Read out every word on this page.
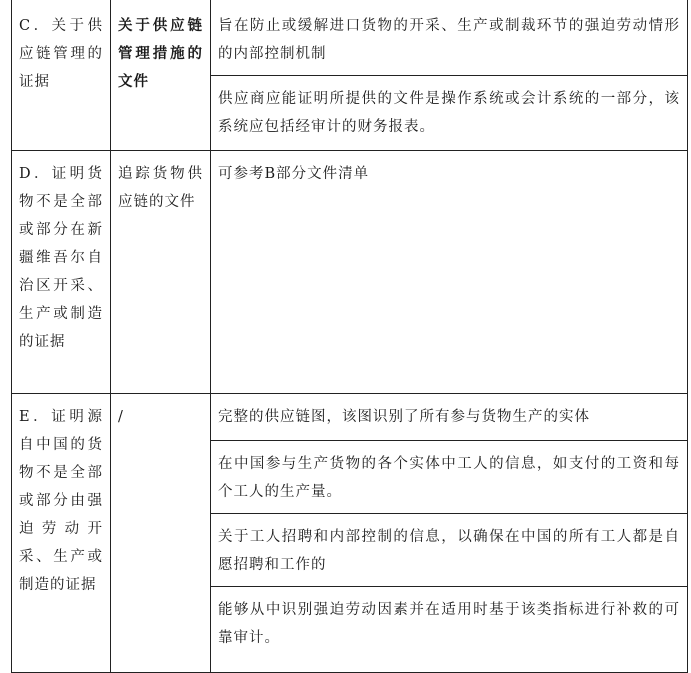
C．关于供应链管理的证据	关于供应链管理措施的文件	旨在防止或缓解进口货物的开采、生产或制裁环节的强迫劳动情形的内部控制机制
		供应商应能证明所提供的文件是操作系统或会计系统的一部分，该系统应包括经审计的财务报表。
D．证明货物不是全部或部分在新疆维吾尔自治区开采、生产或制造的证据	追踪货物供应链的文件	可参考B部分文件清单
E．证明源自中国的货物不是全部或部分由强迫劳动开采、生产或制造的证据	/	完整的供应链图，该图识别了所有参与货物生产的实体
		在中国参与生产货物的各个实体中工人的信息，如支付的工资和每个工人的生产量。
		关于工人招聘和内部控制的信息，以确保在中国的所有工人都是自愿招聘和工作的
		能够从中识别强迫劳动因素并在适用时基于该类指标进行补救的可靠审计。
